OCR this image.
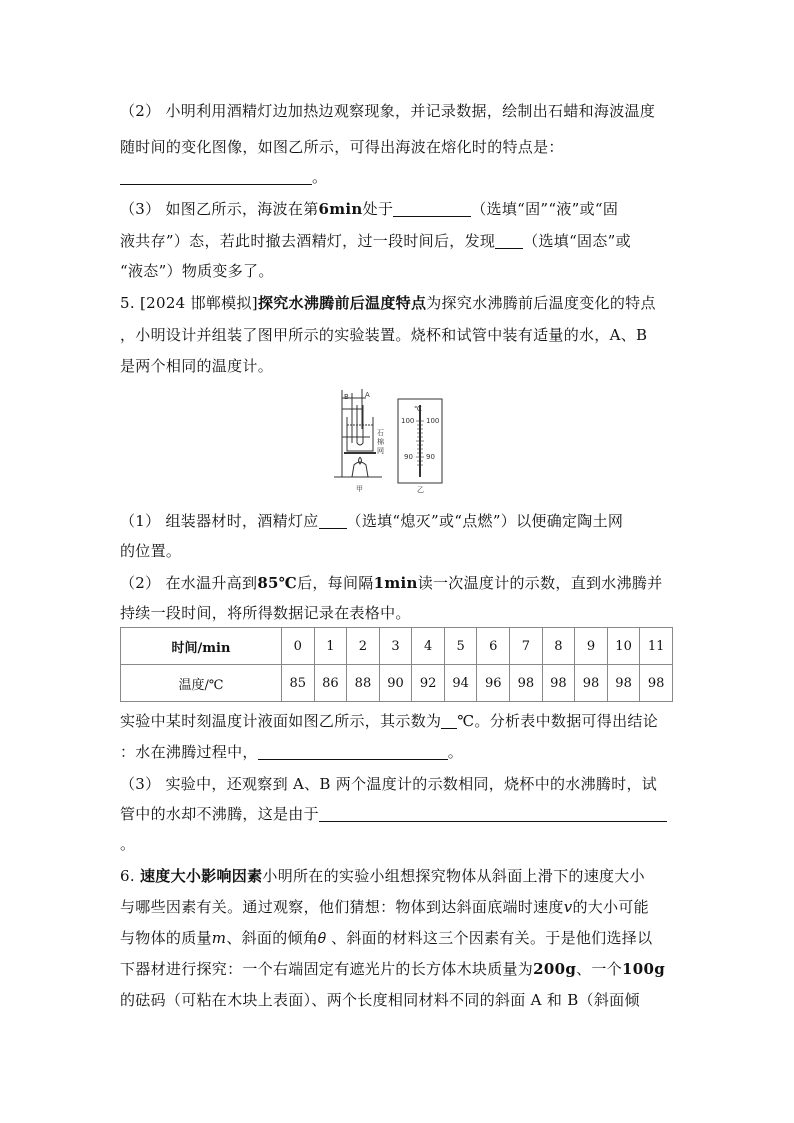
（2） 小明利用酒精灯边加热边观察现象，并记录数据，绘制出石蜡和海波温度
随时间的变化图像，如图乙所示，可得出海波在熔化时的特点是：
。
（3） 如图乙所示，海波在第6min处于	（选填“固”“液”或“固
液共存”）态，若此时撤去酒精灯，过一段时间后，发现 （选填“固态”或
“液态”）物质变多了。
5. [2024 邯郸模拟]探究水沸腾前后温度特点为探究水沸腾前后温度变化的特点
，小明设计并组装了图甲所示的实验装置。烧杯和试管中装有适量的水，A、B
是两个相同的温度计。
B A
石
棉
网
甲	乙
℃
100 100
90 90
（1） 组装器材时，酒精灯应 （选填“熄灭”或“点燃”）以便确定陶土网
的位置。
（2） 在水温升高到85℃后，每间隔1min读一次温度计的示数，直到水沸腾并
持续一段时间，将所得数据记录在表格中。
时间/min	0	1	2	3	4	5	6	7	8	9	10	11
温度/℃	85	86	88	90	92	94	96	98	98	98	98	98
实验中某时刻温度计液面如图乙所示，其示数为 ℃。分析表中数据可得出结论
：水在沸腾过程中，	。
（3） 实验中，还观察到 A、B 两个温度计的示数相同，烧杯中的水沸腾时，试
管中的水却不沸腾，这是由于
。
6. 速度大小影响因素小明所在的实验小组想探究物体从斜面上滑下的速度大小
与哪些因素有关。通过观察，他们猜想：物体到达斜面底端时速度𝑣的大小可能
与物体的质量𝑚、斜面的倾角𝜃 、斜面的材料这三个因素有关。于是他们选择以
下器材进行探究：一个右端固定有遮光片的长方体木块质量为200g、一个100g
的砝码（可粘在木块上表面）、两个长度相同材料不同的斜面 A 和 B（斜面倾
